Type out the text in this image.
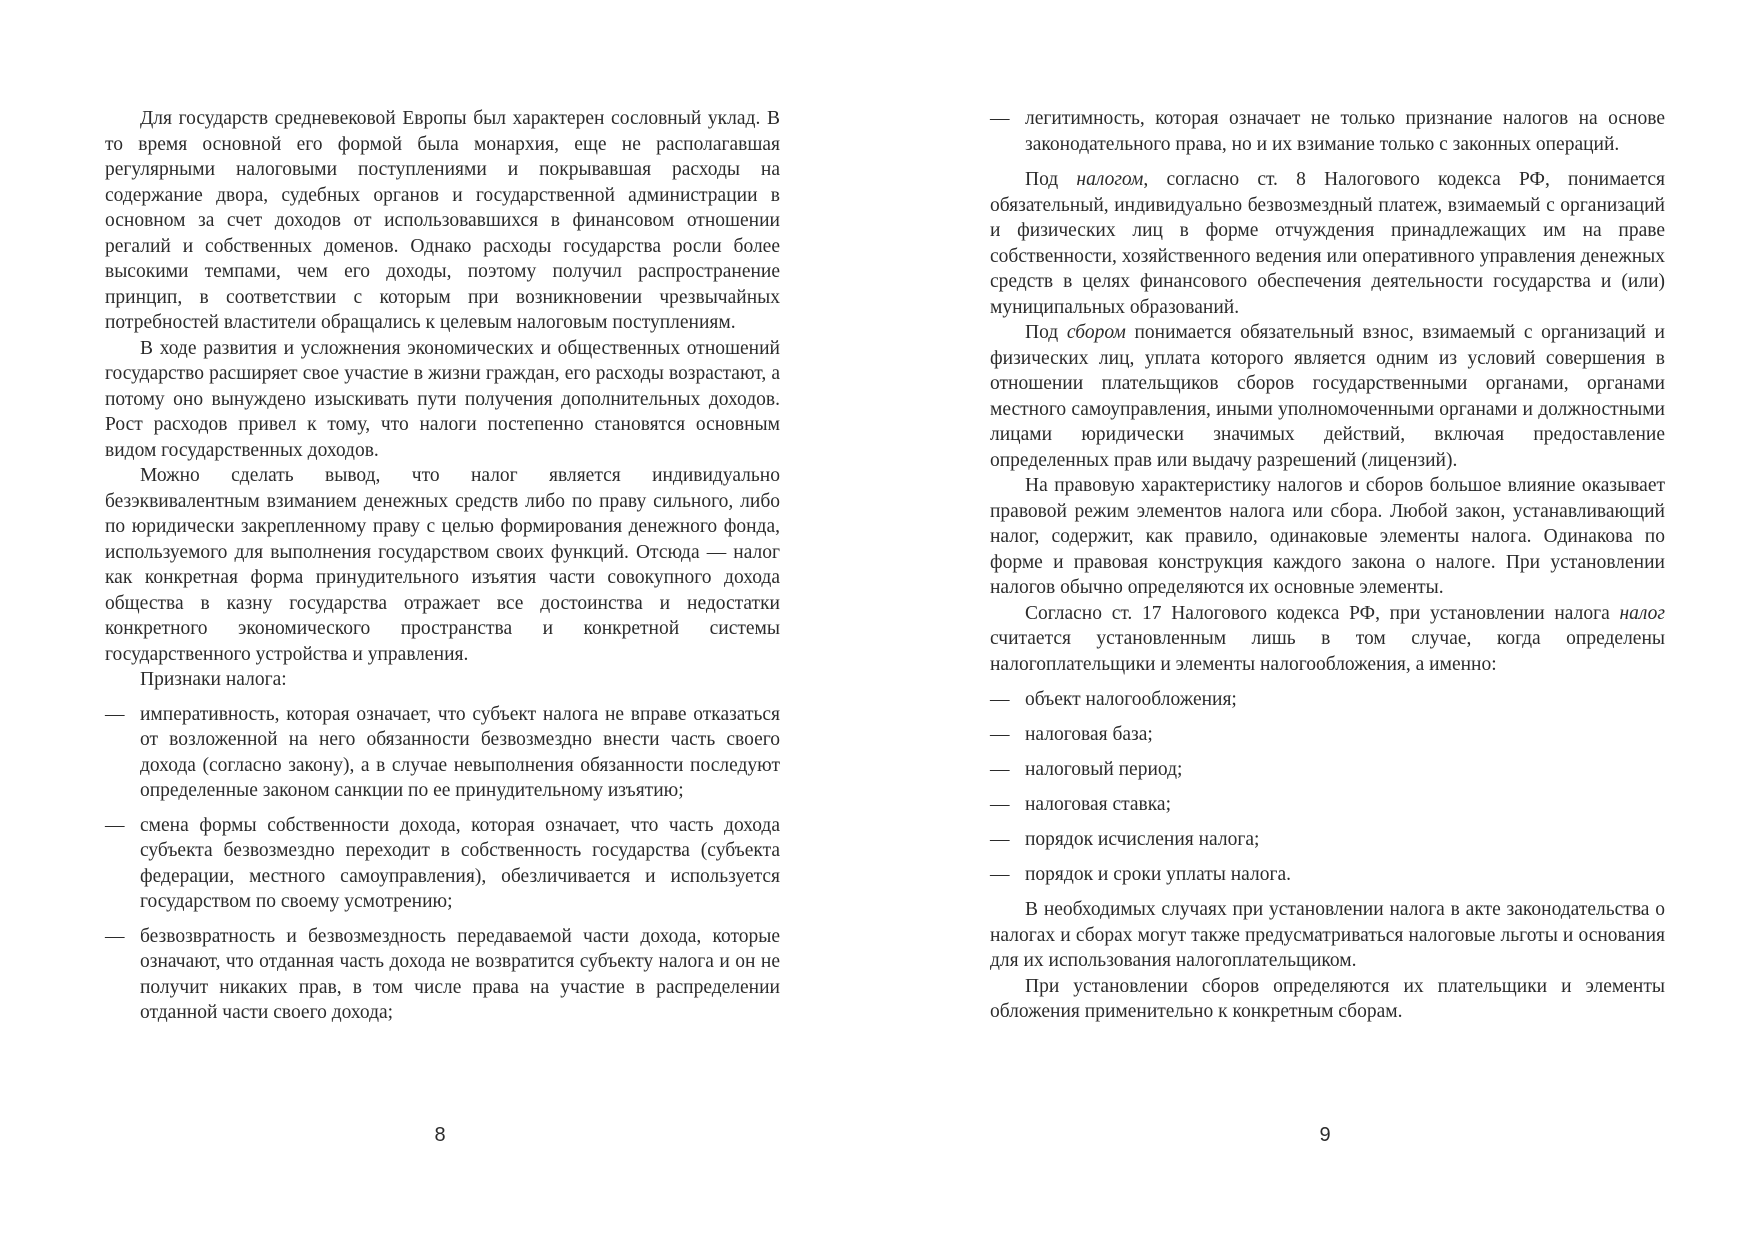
Для государств средневековой Европы был характерен сословный уклад. В то время основной его формой была монархия, еще не располагавшая регулярными налоговыми поступлениями и покрывавшая расходы на содержание двора, судебных органов и государственной администрации в основном за счет доходов от использовавшихся в финансовом отношении регалий и собственных доменов. Однако расходы государства росли более высокими темпами, чем его доходы, поэтому получил распространение принцип, в соответствии с которым при возникновении чрезвычайных потребностей властители обращались к целевым налоговым поступлениям.

В ходе развития и усложнения экономических и общественных отношений государство расширяет свое участие в жизни граждан, его расходы возрастают, а потому оно вынуждено изыскивать пути получения дополнительных доходов. Рост расходов привел к тому, что налоги постепенно становятся основным видом государственных доходов.

Можно сделать вывод, что налог является индивидуально безэквивалентным взиманием денежных средств либо по праву сильного, либо по юридически закрепленному праву с целью формирования денежного фонда, используемого для выполнения государством своих функций. Отсюда — налог как конкретная форма принудительного изъятия части совокупного дохода общества в казну государства отражает все достоинства и недостатки конкретного экономического пространства и конкретной системы государственного устройства и управления.

Признаки налога:

— императивность, которая означает, что субъект налога не вправе отказаться от возложенной на него обязанности безвозмездно внести часть своего дохода (согласно закону), а в случае невыполнения обязанности последуют определенные законом санкции по ее принудительному изъятию;
— смена формы собственности дохода, которая означает, что часть дохода субъекта безвозмездно переходит в собственность государства (субъекта федерации, местного самоуправления), обезличивается и используется государством по своему усмотрению;
— безвозвратность и безвозмездность передаваемой части дохода, которые означают, что отданная часть дохода не возвратится субъекту налога и он не получит никаких прав, в том числе права на участие в распределении отданной части своего дохода;
8
— легитимность, которая означает не только признание налогов на основе законодательного права, но и их взимание только с законных операций.

Под налогом, согласно ст. 8 Налогового кодекса РФ, понимается обязательный, индивидуально безвозмездный платеж, взимаемый с организаций и физических лиц в форме отчуждения принадлежащих им на праве собственности, хозяйственного ведения или оперативного управления денежных средств в целях финансового обеспечения деятельности государства и (или) муниципальных образований.

Под сбором понимается обязательный взнос, взимаемый с организаций и физических лиц, уплата которого является одним из условий совершения в отношении плательщиков сборов государственными органами, органами местного самоуправления, иными уполномоченными органами и должностными лицами юридически значимых действий, включая предоставление определенных прав или выдачу разрешений (лицензий).

На правовую характеристику налогов и сборов большое влияние оказывает правовой режим элементов налога или сбора. Любой закон, устанавливающий налог, содержит, как правило, одинаковые элементы налога. Одинакова по форме и правовая конструкция каждого закона о налоге. При установлении налогов обычно определяются их основные элементы.

Согласно ст. 17 Налогового кодекса РФ, при установлении налога налог считается установленным лишь в том случае, когда определены налогоплательщики и элементы налогообложения, а именно:

— объект налогообложения;
— налоговая база;
— налоговый период;
— налоговая ставка;
— порядок исчисления налога;
— порядок и сроки уплаты налога.

В необходимых случаях при установлении налога в акте законодательства о налогах и сборах могут также предусматриваться налоговые льготы и основания для их использования налогоплательщиком.

При установлении сборов определяются их плательщики и элементы обложения применительно к конкретным сборам.

9
